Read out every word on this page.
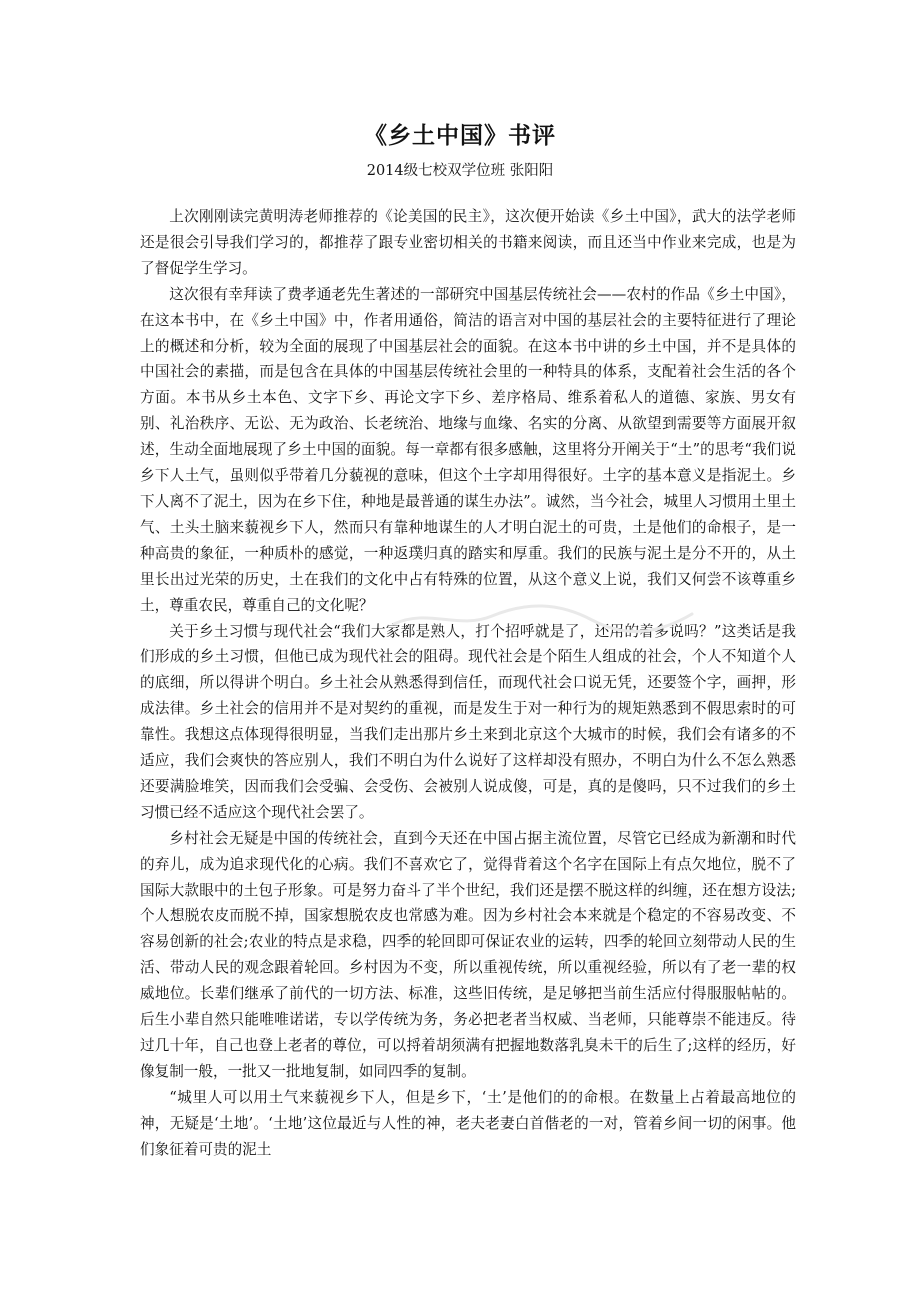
《乡土中国》书评
2014级七校双学位班 张阳阳

上次刚刚读完黄明涛老师推荐的《论美国的民主》，这次便开始读《乡土中国》，武大的法学老师还是很会引导我们学习的，都推荐了跟专业密切相关的书籍来阅读，而且还当中作业来完成，也是为了督促学生学习。

这次很有幸拜读了费孝通老先生著述的一部研究中国基层传统社会——农村的作品《乡土中国》，在这本书中，在《乡土中国》中，作者用通俗，简洁的语言对中国的基层社会的主要特征进行了理论上的概述和分析，较为全面的展现了中国基层社会的面貌。在这本书中讲的乡土中国，并不是具体的中国社会的素描，而是包含在具体的中国基层传统社会里的一种特具的体系，支配着社会生活的各个方面。本书从乡土本色、文字下乡、再论文字下乡、差序格局、维系着私人的道德、家族、男女有别、礼治秩序、无讼、无为政治、长老统治、地缘与血缘、名实的分离、从欲望到需要等方面展开叙述，生动全面地展现了乡土中国的面貌。每一章都有很多感触，这里将分开阐关于“土”的思考“我们说乡下人土气，虽则似乎带着几分藐视的意味，但这个土字却用得很好。土字的基本意义是指泥土。乡下人离不了泥土，因为在乡下住，种地是最普通的谋生办法”。诚然，当今社会，城里人习惯用土里土气、土头土脑来藐视乡下人，然而只有靠种地谋生的人才明白泥土的可贵，土是他们的命根子，是一种高贵的象征，一种质朴的感觉，一种返璞归真的踏实和厚重。我们的民族与泥土是分不开的，从土里长出过光荣的历史，土在我们的文化中占有特殊的位置，从这个意义上说，我们又何尝不该尊重乡土，尊重农民，尊重自己的文化呢？

关于乡土习惯与现代社会“我们大家都是熟人，打个招呼就是了，还用的着多说吗？”这类话是我们形成的乡土习惯，但他已成为现代社会的阻碍。现代社会是个陌生人组成的社会，个人不知道个人的底细，所以得讲个明白。乡土社会从熟悉得到信任，而现代社会口说无凭，还要签个字，画押，形成法律。乡土社会的信用并不是对契约的重视，而是发生于对一种行为的规矩熟悉到不假思索时的可靠性。我想这点体现得很明显，当我们走出那片乡土来到北京这个大城市的时候，我们会有诸多的不适应，我们会爽快的答应别人，我们不明白为什么说好了这样却没有照办，不明白为什么不怎么熟悉还要满脸堆笑，因而我们会受骗、会受伤、会被别人说成傻，可是，真的是傻吗，只不过我们的乡土习惯已经不适应这个现代社会罢了。

乡村社会无疑是中国的传统社会，直到今天还在中国占据主流位置，尽管它已经成为新潮和时代的弃儿，成为追求现代化的心病。我们不喜欢它了，觉得背着这个名字在国际上有点欠地位，脱不了国际大款眼中的土包子形象。可是努力奋斗了半个世纪，我们还是摆不脱这样的纠缠，还在想方设法;个人想脱农皮而脱不掉，国家想脱农皮也常感为难。因为乡村社会本来就是个稳定的不容易改变、不容易创新的社会;农业的特点是求稳，四季的轮回即可保证农业的运转，四季的轮回立刻带动人民的生活、带动人民的观念跟着轮回。乡村因为不变，所以重视传统，所以重视经验，所以有了老一辈的权威地位。长辈们继承了前代的一切方法、标准，这些旧传统，是足够把当前生活应付得服服帖帖的。后生小辈自然只能唯唯诺诺，专以学传统为务，务必把老者当权威、当老师，只能尊崇不能违反。待过几十年，自己也登上老者的尊位，可以捋着胡须满有把握地数落乳臭未干的后生了;这样的经历，好像复制一般，一批又一批地复制，如同四季的复制。

“城里人可以用土气来藐视乡下人，但是乡下，‘土’是他们的的命根。在数量上占着最高地位的神，无疑是‘土地’。‘土地’这位最近与人性的神，老夫老妻白首偕老的一对，管着乡间一切的闲事。他们象征着可贵的泥土
